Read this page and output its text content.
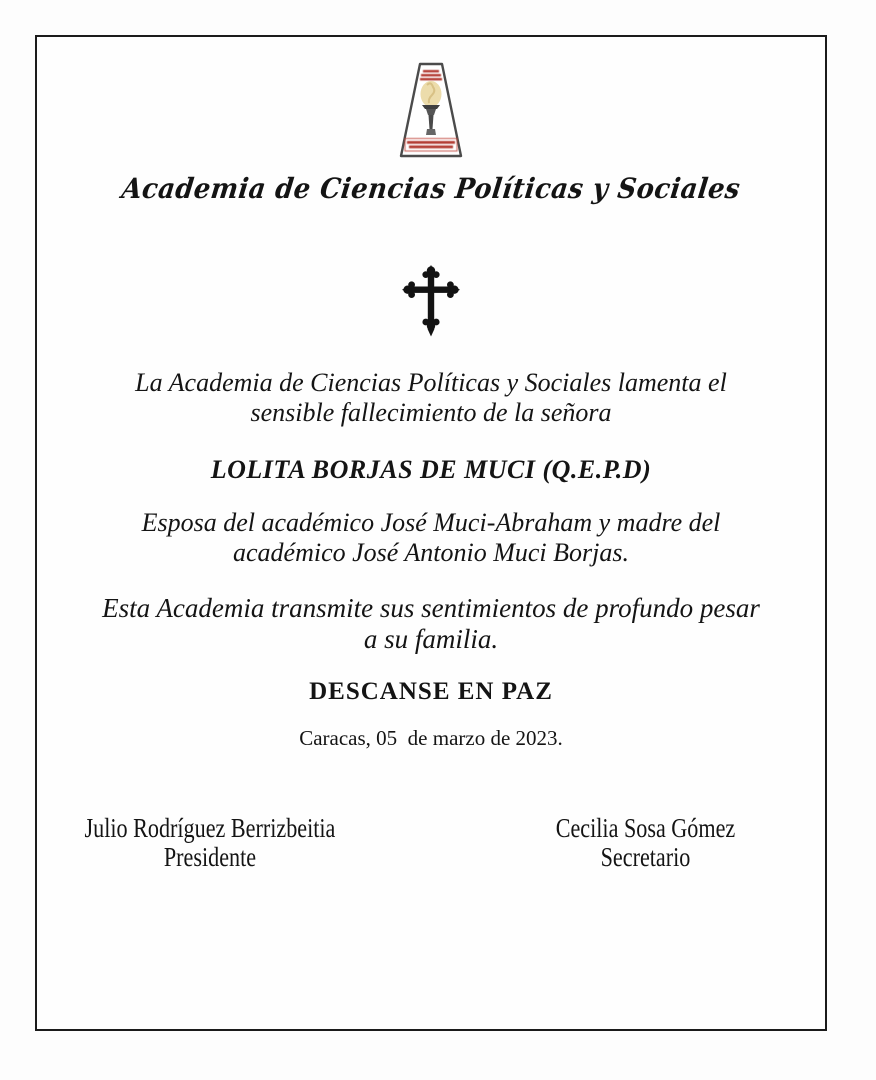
Academia de Ciencias Políticas y Sociales
La Academia de Ciencias Políticas y Sociales lamenta el
sensible fallecimiento de la señora
LOLITA BORJAS DE MUCI (Q.E.P.D)
Esposa del académico José Muci-Abraham y madre del
académico José Antonio Muci Borjas.
Esta Academia transmite sus sentimientos de profundo pesar
a su familia.
DESCANSE EN PAZ
Caracas, 05  de marzo de 2023.
Julio Rodríguez Berrizbeitia
Presidente
Cecilia Sosa Gómez
Secretario
